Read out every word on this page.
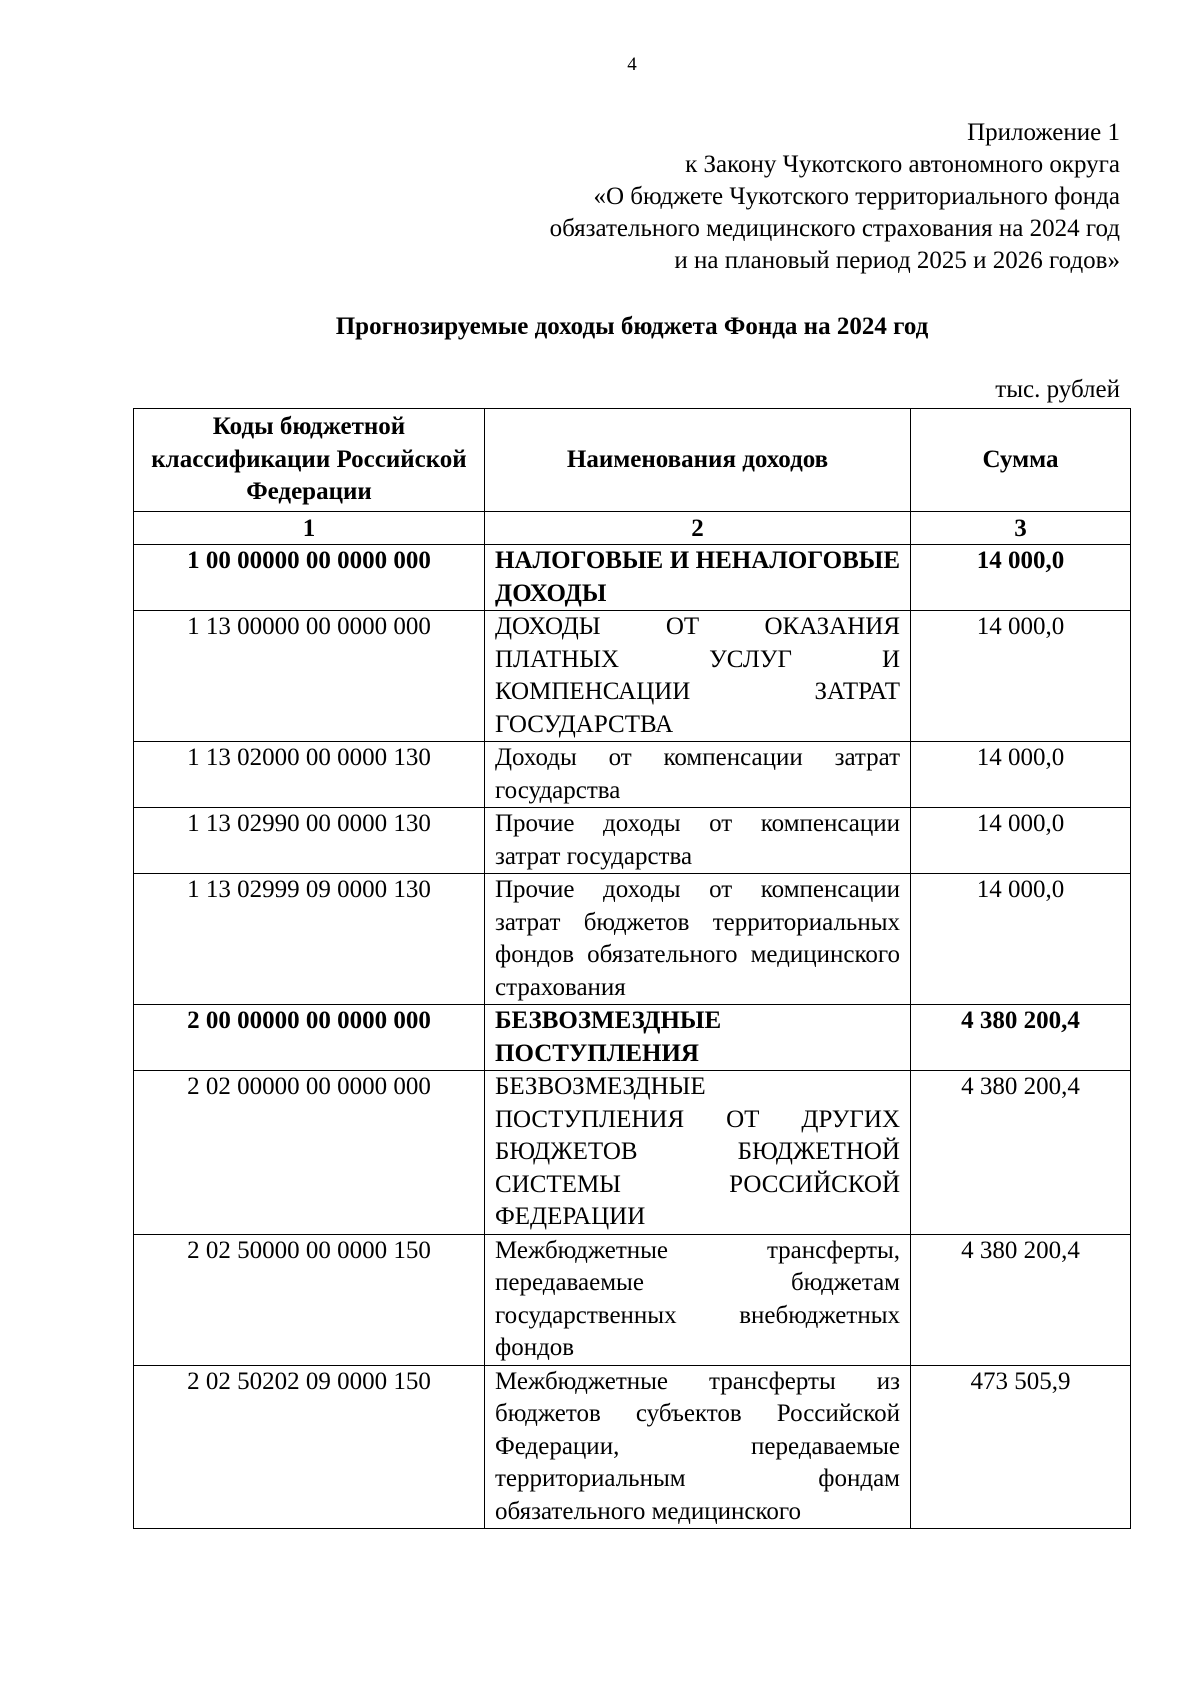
4
Приложение 1
к Закону Чукотского автономного округа
«О бюджете Чукотского территориального фонда
обязательного медицинского страхования на 2024 год
и на плановый период 2025 и 2026 годов»
Прогнозируемые доходы бюджета Фонда на 2024 год
тыс. рублей
Коды бюджетной классификации Российской Федерации	Наименования доходов	Сумма
1	2	3
1 00 00000 00 0000 000	НАЛОГОВЫЕ И НЕНАЛОГОВЫЕ ДОХОДЫ	14 000,0
1 13 00000 00 0000 000	ДОХОДЫ ОТ ОКАЗАНИЯ ПЛАТНЫХ УСЛУГ И КОМПЕНСАЦИИ ЗАТРАТ ГОСУДАРСТВА	14 000,0
1 13 02000 00 0000 130	Доходы от компенсации затрат государства	14 000,0
1 13 02990 00 0000 130	Прочие доходы от компенсации затрат государства	14 000,0
1 13 02999 09 0000 130	Прочие доходы от компенсации затрат бюджетов территориальных фондов обязательного медицинского страхования	14 000,0
2 00 00000 00 0000 000	БЕЗВОЗМЕЗДНЫЕ ПОСТУПЛЕНИЯ	4 380 200,4
2 02 00000 00 0000 000	БЕЗВОЗМЕЗДНЫЕ ПОСТУПЛЕНИЯ ОТ ДРУГИХ БЮДЖЕТОВ БЮДЖЕТНОЙ СИСТЕМЫ РОССИЙСКОЙ ФЕДЕРАЦИИ	4 380 200,4
2 02 50000 00 0000 150	Межбюджетные трансферты, передаваемые бюджетам государственных внебюджетных фондов	4 380 200,4
2 02 50202 09 0000 150	Межбюджетные трансферты из бюджетов субъектов Российской Федерации, передаваемые территориальным фондам обязательного медицинского	473 505,9
